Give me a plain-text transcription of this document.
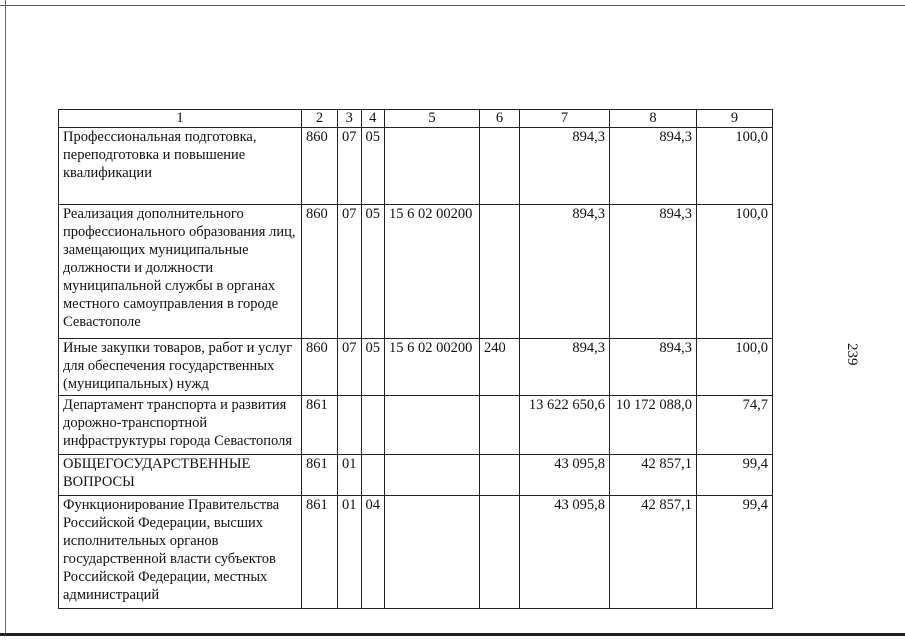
239
1	2	3	4	5	6	7	8	9
Профессиональная подготовка, переподготовка и повышение квалификации	860	07	05			894,3	894,3	100,0
Реализация дополнительного профессионального образования лиц, замещающих муниципальные должности и должности муниципальной службы в органах местного самоуправления в городе Севастополе	860	07	05	15 6 02 00200		894,3	894,3	100,0
Иные закупки товаров, работ и услуг для обеспечения государственных (муниципальных) нужд	860	07	05	15 6 02 00200	240	894,3	894,3	100,0
Департамент транспорта и развития дорожно-транспортной инфраструктуры города Севастополя	861					13 622 650,6	10 172 088,0	74,7
ОБЩЕГОСУДАРСТВЕННЫЕ ВОПРОСЫ	861	01				43 095,8	42 857,1	99,4
Функционирование Правительства Российской Федерации, высших исполнительных органов государственной власти субъектов Российской Федерации, местных администраций	861	01	04			43 095,8	42 857,1	99,4
